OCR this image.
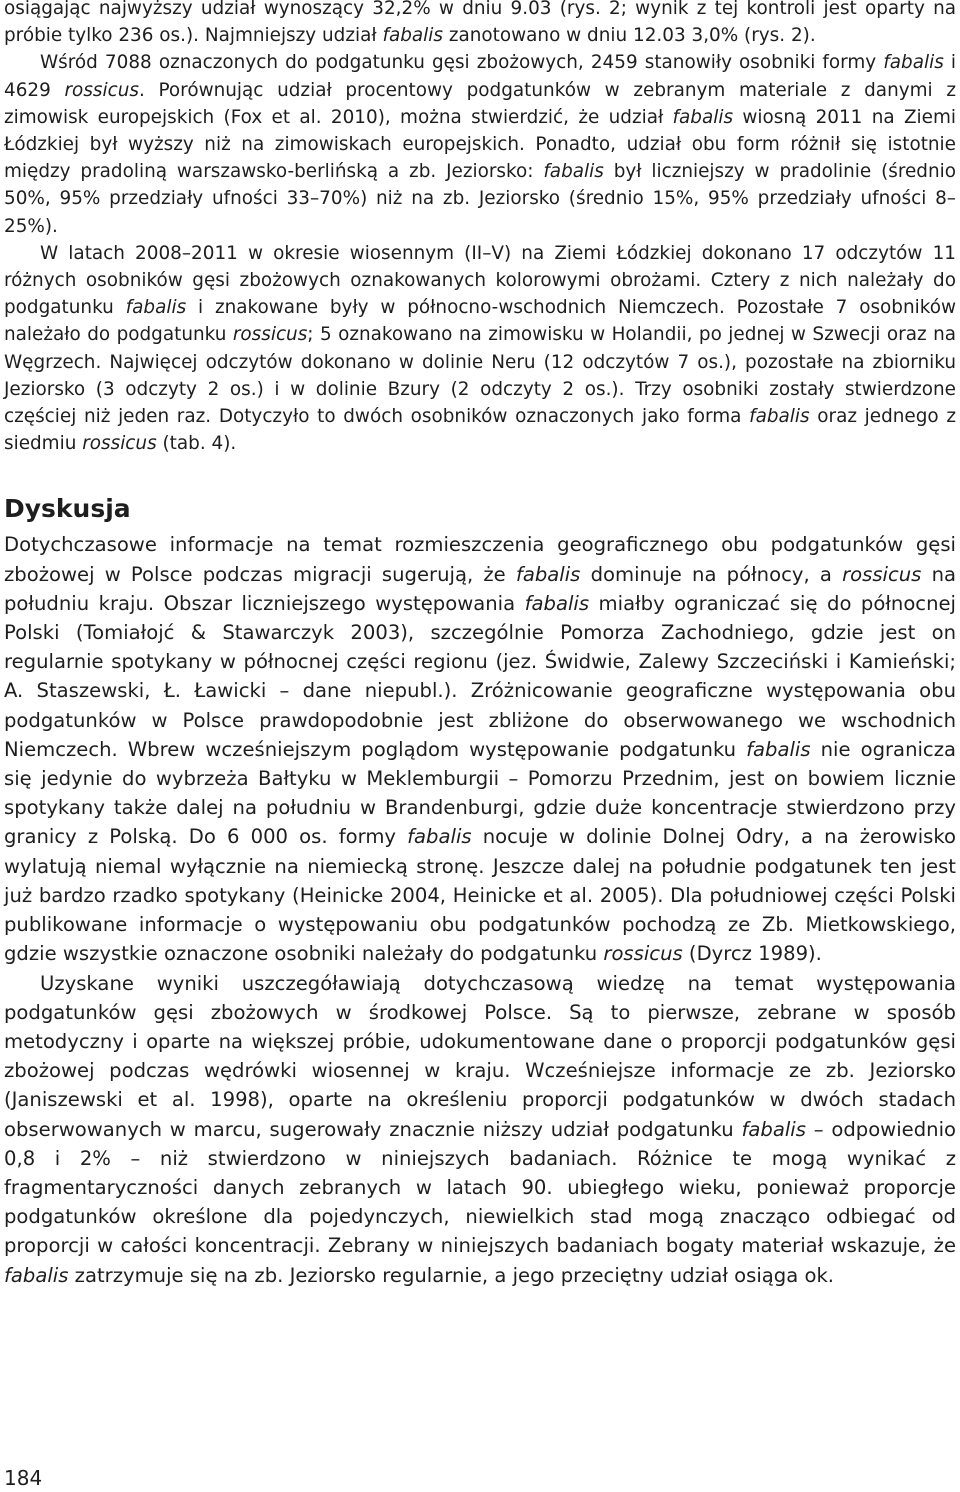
osiągając najwyższy udział wynoszący 32,2% w dniu 9.03 (rys. 2; wynik z tej kontroli jest oparty na próbie tylko 236 os.). Najmniejszy udział fabalis zanotowano w dniu 12.03 3,0% (rys. 2).

Wśród 7088 oznaczonych do podgatunku gęsi zbożowych, 2459 stanowiły osobniki formy fabalis i 4629 rossicus. Porównując udział procentowy podgatunków w zebranym materiale z danymi z zimowisk europejskich (Fox et al. 2010), można stwierdzić, że udział fabalis wiosną 2011 na Ziemi Łódzkiej był wyższy niż na zimowiskach europejskich. Ponadto, udział obu form różnił się istotnie między pradoliną warszawsko-berlińską a zb. Jeziorsko: fabalis był liczniejszy w pradolinie (średnio 50%, 95% przedziały ufności 33–70%) niż na zb. Jeziorsko (średnio 15%, 95% przedziały ufności 8–25%).

W latach 2008–2011 w okresie wiosennym (II–V) na Ziemi Łódzkiej dokonano 17 odczytów 11 różnych osobników gęsi zbożowych oznakowanych kolorowymi obrożami. Cztery z nich należały do podgatunku fabalis i znakowane były w północno-wschodnich Niemczech. Pozostałe 7 osobników należało do podgatunku rossicus; 5 oznakowano na zimowisku w Holandii, po jednej w Szwecji oraz na Węgrzech. Najwięcej odczytów dokonano w dolinie Neru (12 odczytów 7 os.), pozostałe na zbiorniku Jeziorsko (3 odczyty 2 os.) i w dolinie Bzury (2 odczyty 2 os.). Trzy osobniki zostały stwierdzone częściej niż jeden raz. Dotyczyło to dwóch osobników oznaczonych jako forma fabalis oraz jednego z siedmiu rossicus (tab. 4).

Dyskusja

Dotychczasowe informacje na temat rozmieszczenia geograficznego obu podgatunków gęsi zbożowej w Polsce podczas migracji sugerują, że fabalis dominuje na północy, a rossicus na południu kraju. Obszar liczniejszego występowania fabalis miałby ograniczać się do północnej Polski (Tomiałojć & Stawarczyk 2003), szczególnie Pomorza Zachodniego, gdzie jest on regularnie spotykany w północnej części regionu (jez. Świdwie, Zalewy Szczeciński i Kamieński; A. Staszewski, Ł. Ławicki – dane niepubl.). Zróżnicowanie geograficzne występowania obu podgatunków w Polsce prawdopodobnie jest zbliżone do obserwowanego we wschodnich Niemczech. Wbrew wcześniejszym poglądom występowanie podgatunku fabalis nie ogranicza się jedynie do wybrzeża Bałtyku w Meklemburgii – Pomorzu Przednim, jest on bowiem licznie spotykany także dalej na południu w Brandenburgi, gdzie duże koncentracje stwierdzono przy granicy z Polską. Do 6 000 os. formy fabalis nocuje w dolinie Dolnej Odry, a na żerowisko wylatują niemal wyłącznie na niemiecką stronę. Jeszcze dalej na południe podgatunek ten jest już bardzo rzadko spotykany (Heinicke 2004, Heinicke et al. 2005). Dla południowej części Polski publikowane informacje o występowaniu obu podgatunków pochodzą ze Zb. Mietkowskiego, gdzie wszystkie oznaczone osobniki należały do podgatunku rossicus (Dyrcz 1989).

Uzyskane wyniki uszczegóławiają dotychczasową wiedzę na temat występowania podgatunków gęsi zbożowych w środkowej Polsce. Są to pierwsze, zebrane w sposób metodyczny i oparte na większej próbie, udokumentowane dane o proporcji podgatunków gęsi zbożowej podczas wędrówki wiosennej w kraju. Wcześniejsze informacje ze zb. Jeziorsko (Janiszewski et al. 1998), oparte na określeniu proporcji podgatunków w dwóch stadach obserwowanych w marcu, sugerowały znacznie niższy udział podgatunku fabalis – odpowiednio 0,8 i 2% – niż stwierdzono w niniejszych badaniach. Różnice te mogą wynikać z fragmentaryczności danych zebranych w latach 90. ubiegłego wieku, ponieważ proporcje podgatunków określone dla pojedynczych, niewielkich stad mogą znacząco odbiegać od proporcji w całości koncentracji. Zebrany w niniejszych badaniach bogaty materiał wskazuje, że fabalis zatrzymuje się na zb. Jeziorsko regularnie, a jego przeciętny udział osiąga ok.

184
